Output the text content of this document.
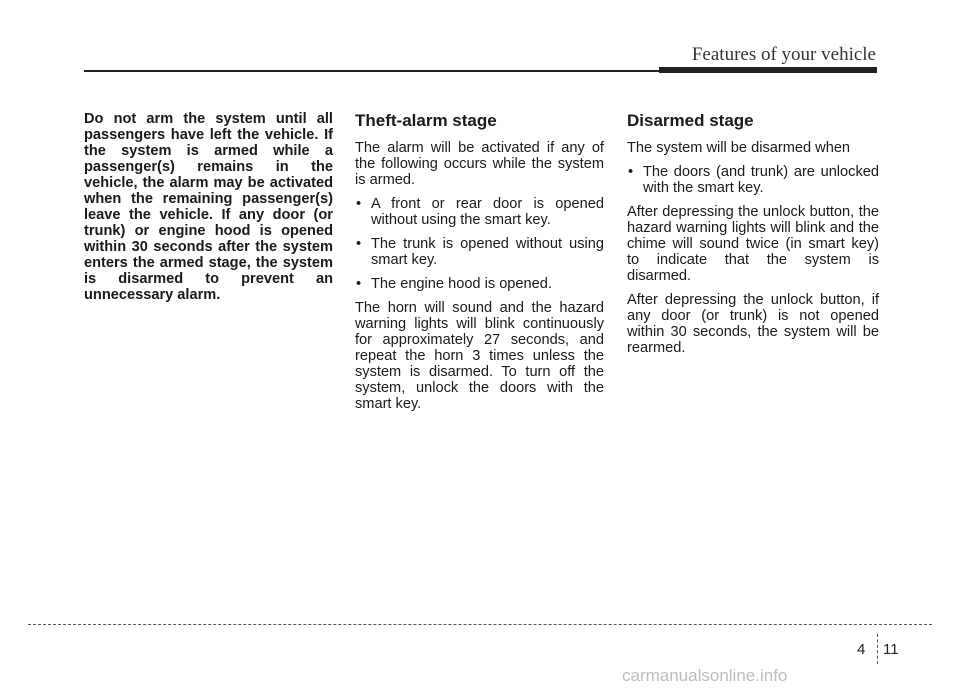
Features of your vehicle

Do not arm the system until all passengers have left the vehicle. If the system is armed while a passenger(s) remains in the vehicle, the alarm may be activated when the remaining passenger(s) leave the vehicle. If any door (or trunk) or engine hood is opened within 30 seconds after the system enters the armed stage, the system is disarmed to prevent an unnecessary alarm.

Theft-alarm stage

The alarm will be activated if any of the following occurs while the system is armed.

• A front or rear door is opened without using the smart key.
• The trunk is opened without using smart key.
• The engine hood is opened.

The horn will sound and the hazard warning lights will blink continuously for approximately 27 seconds, and repeat the horn 3 times unless the system is disarmed. To turn off the system, unlock the doors with the smart key.

Disarmed stage

The system will be disarmed when

• The doors (and trunk) are unlocked with the smart key.

After depressing the unlock button, the hazard warning lights will blink and the chime will sound twice (in smart key) to indicate that the system is disarmed.

After depressing the unlock button, if any door (or trunk) is not opened within 30 seconds, the system will be rearmed.

4 11
carmanualsonline.info
